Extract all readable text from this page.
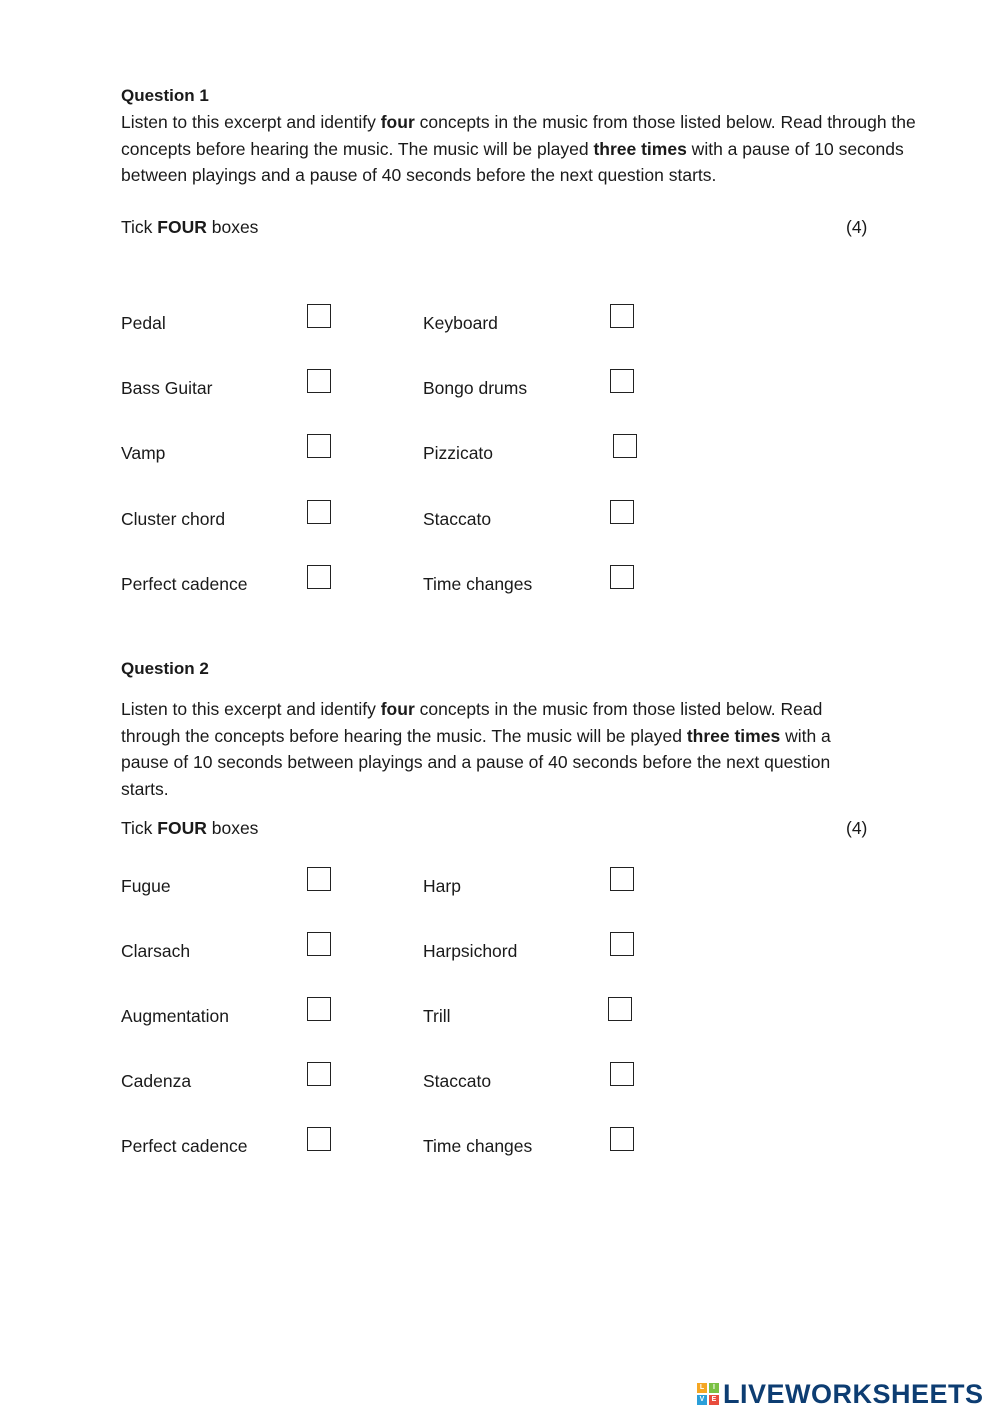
Question 1
Listen to this excerpt and identify four concepts in the music from those listed below. Read through the concepts before hearing the music. The music will be played three times with a pause of 10 seconds between playings and a pause of 40 seconds before the next question starts.
Tick FOUR boxes	(4)
Pedal	Keyboard
Bass Guitar	Bongo drums
Vamp	Pizzicato
Cluster chord	Staccato
Perfect cadence	Time changes
Question 2
Listen to this excerpt and identify four concepts in the music from those listed below. Read through the concepts before hearing the music. The music will be played three times with a pause of 10 seconds between playings and a pause of 40 seconds before the next question starts.
Tick FOUR boxes	(4)
Fugue	Harp
Clarsach	Harpsichord
Augmentation	Trill
Cadenza	Staccato
Perfect cadence	Time changes
L	I
V	E LIVEWORKSHEETS
